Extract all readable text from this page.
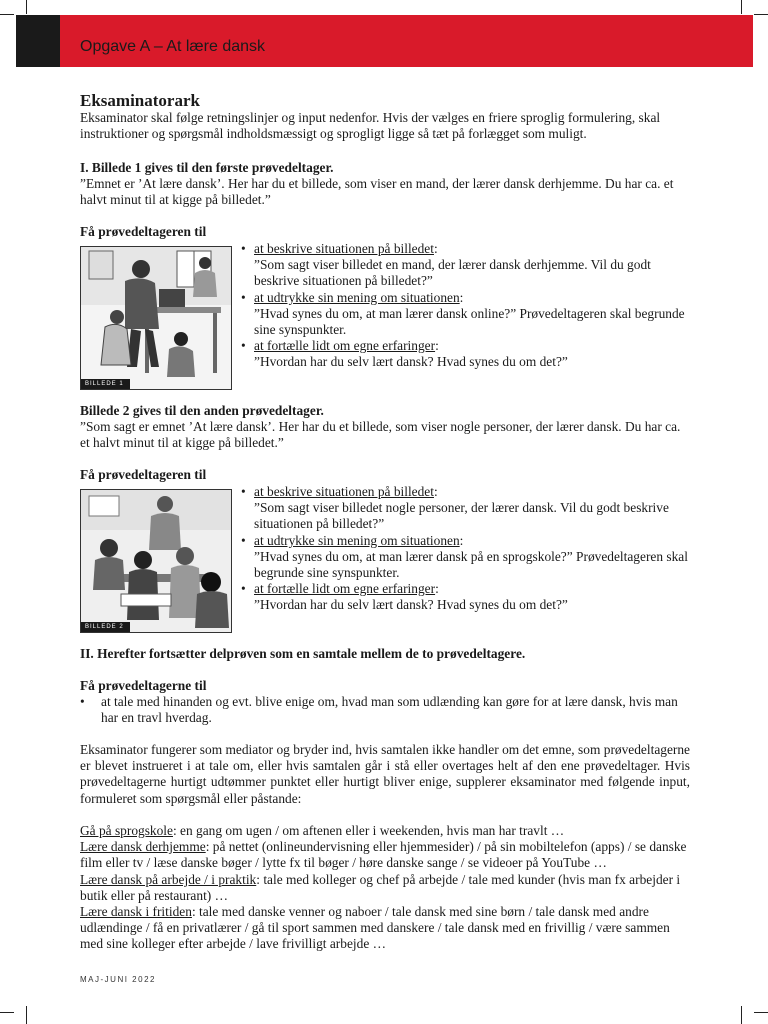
Opgave A – At lære dansk
Eksaminatorark

Eksaminator skal følge retningslinjer og input nedenfor. Hvis der vælges en friere sproglig formulering, skal instruktioner og spørgsmål indholdsmæssigt og sprogligt ligge så tæt på forlægget som muligt.

I. Billede 1 gives til den første prøvedeltager.

”Emnet er ’At lære dansk’. Her har du et billede, som viser en mand, der lærer dansk derhjemme. Du har ca. et halvt minut til at kigge på billedet.”

Få prøvedeltageren til

BILLEDE 1
• at beskrive situationen på billedet:
”Som sagt viser billedet en mand, der lærer dansk derhjemme. Vil du godt beskrive situationen på billedet?”
• at udtrykke sin mening om situationen:
”Hvad synes du om, at man lærer dansk online?” Prøvedeltageren skal begrunde sine synspunkter.
• at fortælle lidt om egne erfaringer:
”Hvordan har du selv lært dansk? Hvad synes du om det?”

Billede 2 gives til den anden prøvedeltager.

”Som sagt er emnet ’At lære dansk’. Her har du et billede, som viser nogle personer, der lærer dansk. Du har ca. et halvt minut til at kigge på billedet.”

Få prøvedeltageren til

BILLEDE 2
• at beskrive situationen på billedet:
”Som sagt viser billedet nogle personer, der lærer dansk. Vil du godt beskrive situationen på billedet?”
• at udtrykke sin mening om situationen:
”Hvad synes du om, at man lærer dansk på en sprogskole?” Prøvedeltageren skal begrunde sine synspunkter.
• at fortælle lidt om egne erfaringer:
”Hvordan har du selv lært dansk? Hvad synes du om det?”

II. Herefter fortsætter delprøven som en samtale mellem de to prøvedeltagere.

Få prøvedeltagerne til

• at tale med hinanden og evt. blive enige om, hvad man som udlænding kan gøre for at lære dansk, hvis man har en travl hverdag.

Eksaminator fungerer som mediator og bryder ind, hvis samtalen ikke handler om det emne, som prøvedeltagerne er blevet instrueret i at tale om, eller hvis samtalen går i stå eller overtages helt af den ene prøvedeltager. Hvis prøvedeltagerne hurtigt udtømmer punktet eller hurtigt bliver enige, supplerer eksaminator med følgende input, formuleret som spørgsmål eller påstande:

Gå på sprogskole: en gang om ugen / om aftenen eller i weekenden, hvis man har travlt …
Lære dansk derhjemme: på nettet (onlineundervisning eller hjemmesider) / på sin mobiltelefon (apps) / se danske film eller tv / læse danske bøger / lytte fx til bøger / høre danske sange / se videoer på YouTube …
Lære dansk på arbejde / i praktik: tale med kolleger og chef på arbejde / tale med kunder (hvis man fx arbejder i butik eller på restaurant) …
Lære dansk i fritiden: tale med danske venner og naboer / tale dansk med sine børn / tale dansk med andre udlændinge / få en privatlærer / gå til sport sammen med danskere / tale dansk med en frivillig / være sammen med sine kolleger efter arbejde / lave frivilligt arbejde …
MAJ-JUNI 2022
